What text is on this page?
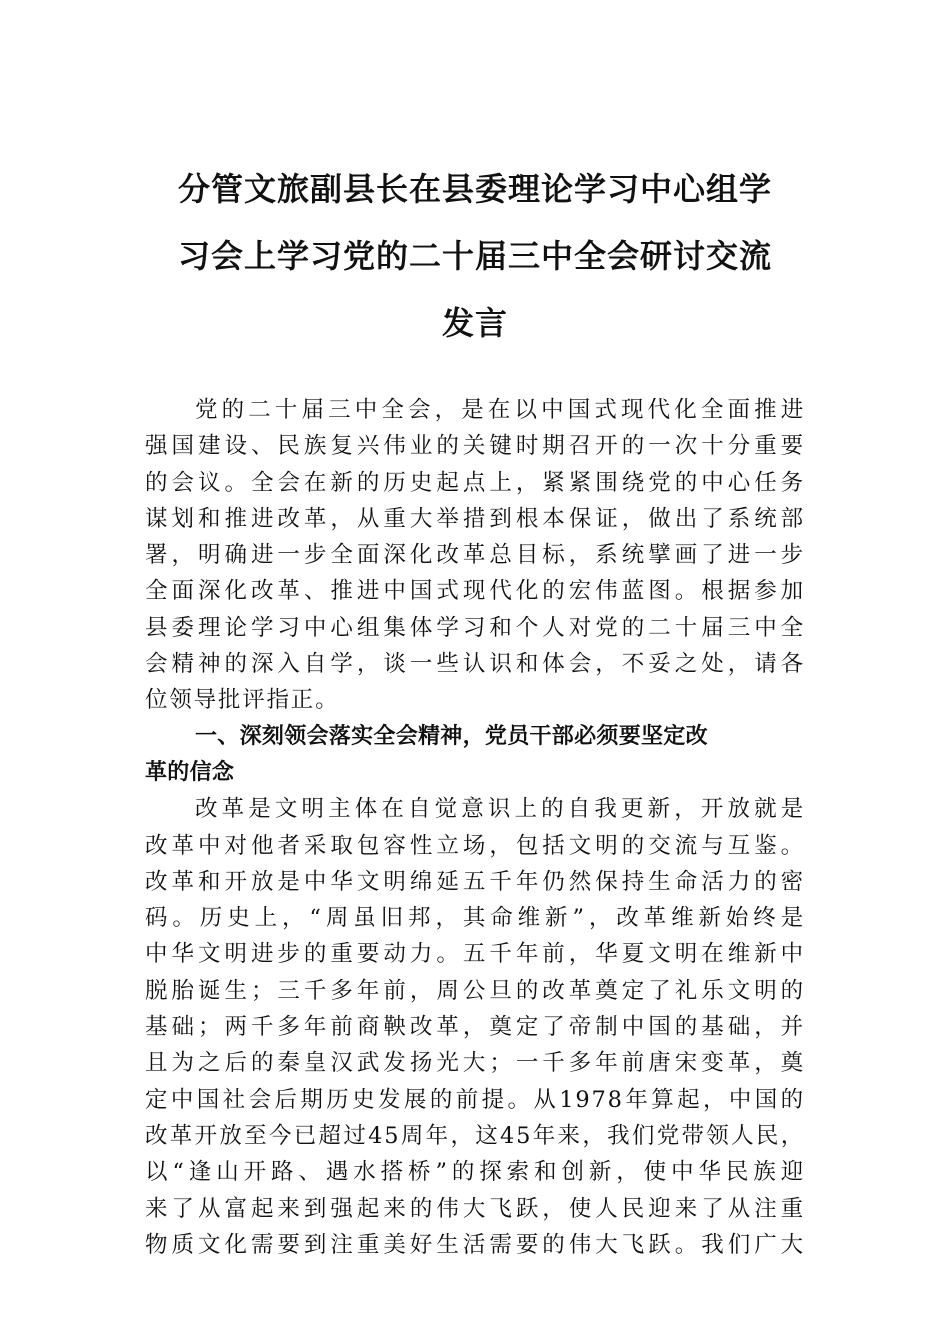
分管文旅副县长在县委理论学习中心组学
习会上学习党的二十届三中全会研讨交流
发言
党的二十届三中全会，是在以中国式现代化全面推进
强国建设、民族复兴伟业的关键时期召开的一次十分重要
的会议。全会在新的历史起点上，紧紧围绕党的中心任务
谋划和推进改革，从重大举措到根本保证，做出了系统部
署，明确进一步全面深化改革总目标，系统擘画了进一步
全面深化改革、推进中国式现代化的宏伟蓝图。根据参加
县委理论学习中心组集体学习和个人对党的二十届三中全
会精神的深入自学，谈一些认识和体会，不妥之处，请各
位领导批评指正。
一、深刻领会落实全会精神，党员干部必须要坚定改
革的信念
改革是文明主体在自觉意识上的自我更新，开放就是
改革中对他者采取包容性立场，包括文明的交流与互鉴。
改革和开放是中华文明绵延五千年仍然保持生命活力的密
码。历史上，“周虽旧邦，其命维新”，改革维新始终是
中华文明进步的重要动力。五千年前，华夏文明在维新中
脱胎诞生；三千多年前，周公旦的改革奠定了礼乐文明的
基础；两千多年前商鞅改革，奠定了帝制中国的基础，并
且为之后的秦皇汉武发扬光大；一千多年前唐宋变革，奠
定中国社会后期历史发展的前提。从1978年算起，中国的
改革开放至今已超过45周年，这45年来，我们党带领人民，
以“逢山开路、遇水搭桥”的探索和创新，使中华民族迎
来了从富起来到强起来的伟大飞跃，使人民迎来了从注重
物质文化需要到注重美好生活需要的伟大飞跃。我们广大
